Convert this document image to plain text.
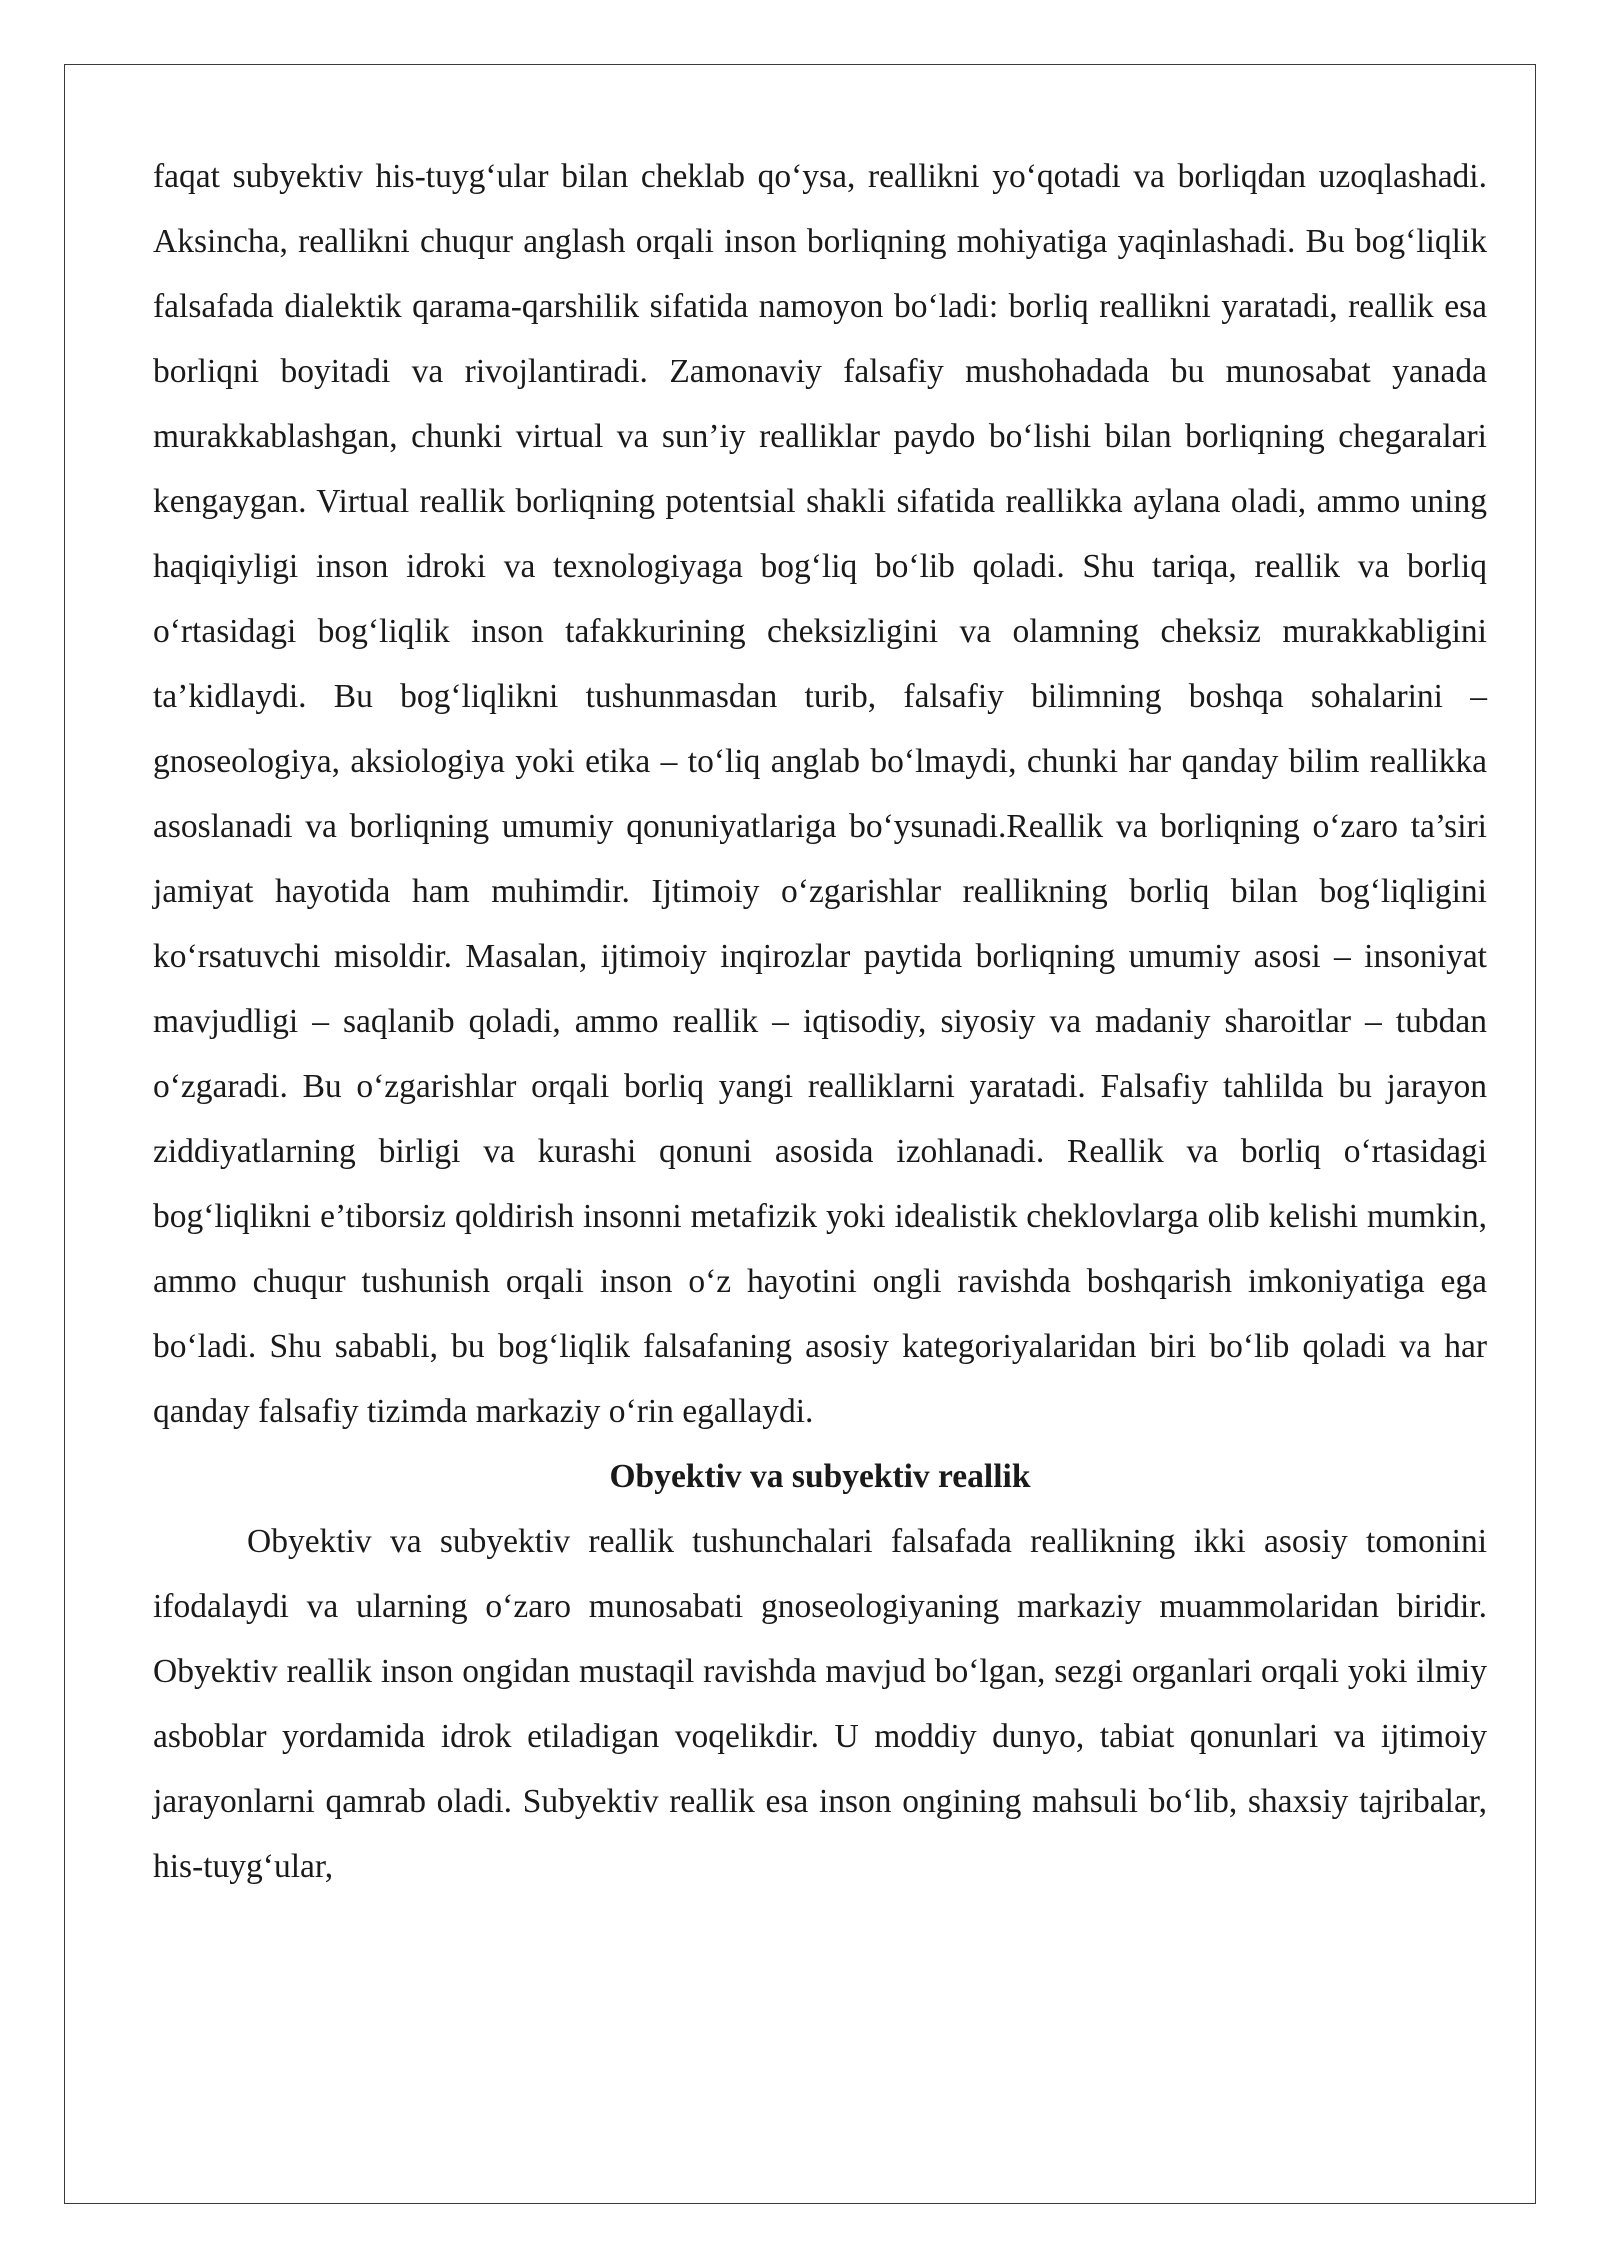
faqat subyektiv his-tuyg‘ular bilan cheklab qo‘ysa, reallikni yo‘qotadi va borliqdan uzoqlashadi. Aksincha, reallikni chuqur anglash orqali inson borliqning mohiyatiga yaqinlashadi. Bu bog‘liqlik falsafada dialektik qarama-qarshilik sifatida namoyon bo‘ladi: borliq reallikni yaratadi, reallik esa borliqni boyitadi va rivojlantiradi. Zamonaviy falsafiy mushohadada bu munosabat yanada murakkablashgan, chunki virtual va sun’iy realliklar paydo bo‘lishi bilan borliqning chegaralari kengaygan. Virtual reallik borliqning potentsial shakli sifatida reallikka aylana oladi, ammo uning haqiqiyligi inson idroki va texnologiyaga bog‘liq bo‘lib qoladi. Shu tariqa, reallik va borliq o‘rtasidagi bog‘liqlik inson tafakkurining cheksizligini va olamning cheksiz murakkabligini ta’kidlaydi. Bu bog‘liqlikni tushunmasdan turib, falsafiy bilimning boshqa sohalarini – gnoseologiya, aksiologiya yoki etika – to‘liq anglab bo‘lmaydi, chunki har qanday bilim reallikka asoslanadi va borliqning umumiy qonuniyatlariga bo‘ysunadi.Reallik va borliqning o‘zaro ta’siri jamiyat hayotida ham muhimdir. Ijtimoiy o‘zgarishlar reallikning borliq bilan bog‘liqligini ko‘rsatuvchi misoldir. Masalan, ijtimoiy inqirozlar paytida borliqning umumiy asosi – insoniyat mavjudligi – saqlanib qoladi, ammo reallik – iqtisodiy, siyosiy va madaniy sharoitlar – tubdan o‘zgaradi. Bu o‘zgarishlar orqali borliq yangi realliklarni yaratadi. Falsafiy tahlilda bu jarayon ziddiyatlarning birligi va kurashi qonuni asosida izohlanadi. Reallik va borliq o‘rtasidagi bog‘liqlikni e’tiborsiz qoldirish insonni metafizik yoki idealistik cheklovlarga olib kelishi mumkin, ammo chuqur tushunish orqali inson o‘z hayotini ongli ravishda boshqarish imkoniyatiga ega bo‘ladi. Shu sababli, bu bog‘liqlik falsafaning asosiy kategoriyalaridan biri bo‘lib qoladi va har qanday falsafiy tizimda markaziy o‘rin egallaydi.

Obyektiv va subyektiv reallik

Obyektiv va subyektiv reallik tushunchalari falsafada reallikning ikki asosiy tomonini ifodalaydi va ularning o‘zaro munosabati gnoseologiyaning markaziy muammolaridan biridir. Obyektiv reallik inson ongidan mustaqil ravishda mavjud bo‘lgan, sezgi organlari orqali yoki ilmiy asboblar yordamida idrok etiladigan voqelikdir. U moddiy dunyo, tabiat qonunlari va ijtimoiy jarayonlarni qamrab oladi. Subyektiv reallik esa inson ongining mahsuli bo‘lib, shaxsiy tajribalar, his-tuyg‘ular,
